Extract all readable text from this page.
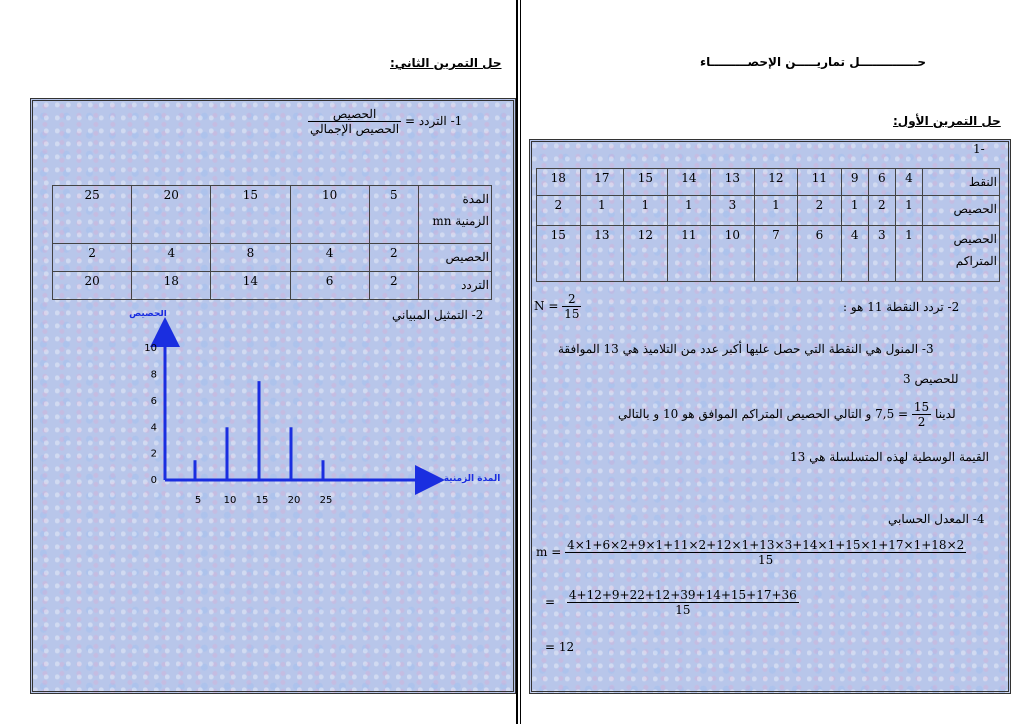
حل التمرين الثاني:	حــــــــــــــل تماريـــــن الإحصـــــــــاء
حل التمرين الأول:
1- التردد =
$\frac{\text{الحصيص}}{\text{الحصيص الإجمالي}}$
المدة
الزمنية mn	5	10	15	20	25
الحصيص	2	4	8	4	2
التردد	2	6	14	18	20
2- التمثيل المبياني
الحصيص
المدة الزمنية
0
2
4
6
8
10
5 10 15 20 25
-1
النقط	4	6	9	11	12	13	14	15	17	18
الحصيص	1	2	1	2	1	3	1	1	1	2
الحصيص
المتراكم	1	3	4	6	7	10	11	12	13	15
2- تردد النقطة 11 هو :
$N = \frac{2}{15}$
3- المنول هي النقطة التي حصل عليها أكبر عدد من التلاميذ هي 13 الموافقة
للحصيص 3
لدينا $7,5 = \frac{15}{2}$
و التالي الحصيص المتراكم الموافق هو 10 و بالتالي
القيمة الوسطية لهذه المتسلسلة هي 13
4- المعدل الحسابي
$m = \frac{4\times 1+6\times 2+9\times 1+11\times 2+12\times 1+13\times 3+14\times 1+15\times 1+17\times 1+18\times 2}{15}$
= $\frac{4+12+9+22+12+39+14+15+17+36}{15}$
= 12
